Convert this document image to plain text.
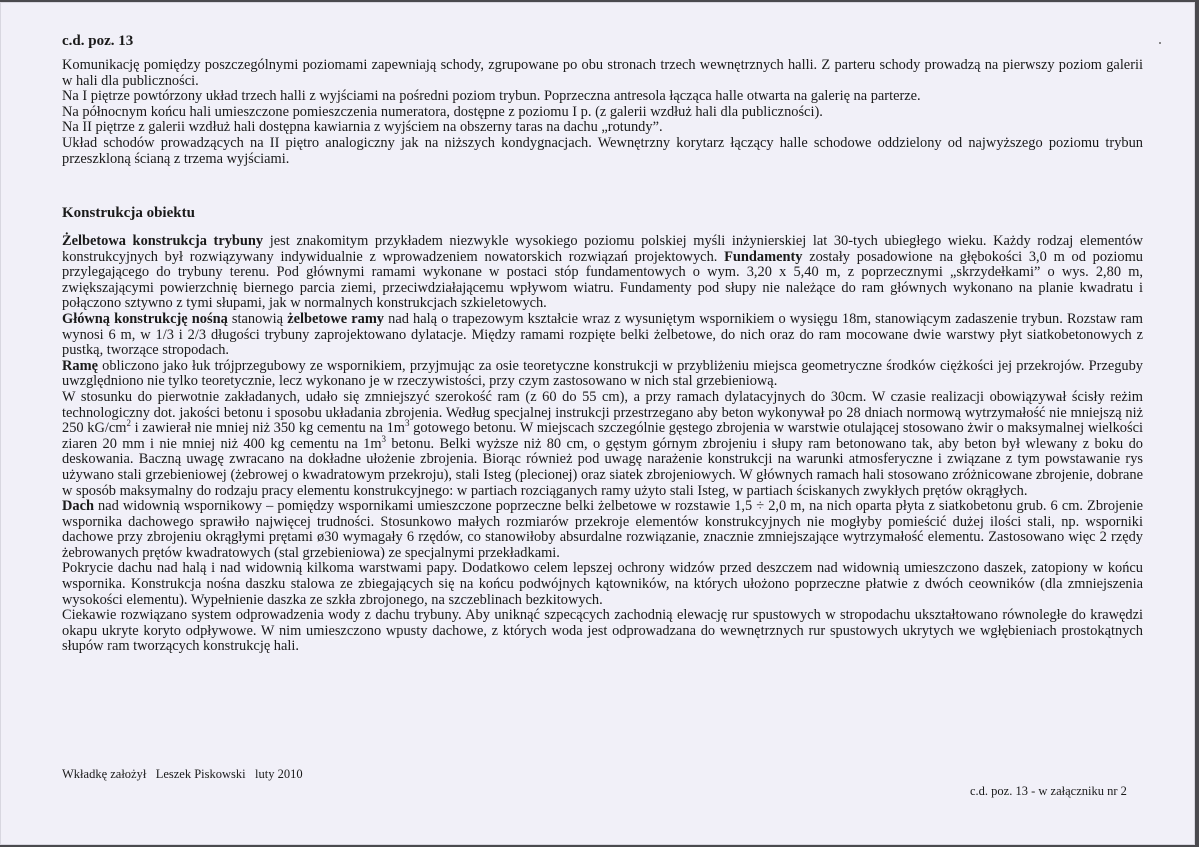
c.d. poz. 13

Komunikację pomiędzy poszczególnymi poziomami zapewniają schody, zgrupowane po obu stronach trzech wewnętrznych halli. Z parteru schody prowadzą na pierwszy poziom galerii w hali dla publiczności.

Na I piętrze powtórzony układ trzech halli z wyjściami na pośredni poziom trybun. Poprzeczna antresola łącząca halle otwarta na galerię na parterze.

Na północnym końcu hali umieszczone pomieszczenia numeratora, dostępne z poziomu I p. (z galerii wzdłuż hali dla publiczności).

Na II piętrze z galerii wzdłuż hali dostępna kawiarnia z wyjściem na obszerny taras na dachu „rotundy”.

Układ schodów prowadzących na II piętro analogiczny jak na niższych kondygnacjach. Wewnętrzny korytarz łączący halle schodowe oddzielony od najwyższego poziomu trybun przeszkloną ścianą z trzema wyjściami.

Konstrukcja obiektu

Żelbetowa konstrukcja trybuny jest znakomitym przykładem niezwykle wysokiego poziomu polskiej myśli inżynierskiej lat 30-tych ubiegłego wieku. Każdy rodzaj elementów konstrukcyjnych był rozwiązywany indywidualnie z wprowadzeniem nowatorskich rozwiązań projektowych. Fundamenty zostały posadowione na głębokości 3,0 m od poziomu przylegającego do trybuny terenu. Pod głównymi ramami wykonane w postaci stóp fundamentowych o wym. 3,20 x 5,40 m, z poprzecznymi „skrzydełkami” o wys. 2,80 m, zwiększającymi powierzchnię biernego parcia ziemi, przeciwdziałającemu wpływom wiatru. Fundamenty pod słupy nie należące do ram głównych wykonano na planie kwadratu i połączono sztywno z tymi słupami, jak w normalnych konstrukcjach szkieletowych.

Główną konstrukcję nośną stanowią żelbetowe ramy nad halą o trapezowym kształcie wraz z wysuniętym wspornikiem o wysięgu 18m, stanowiącym zadaszenie trybun. Rozstaw ram wynosi 6 m, w 1/3 i 2/3 długości trybuny zaprojektowano dylatacje. Między ramami rozpięte belki żelbetowe, do nich oraz do ram mocowane dwie warstwy płyt siatkobetonowych z pustką, tworzące stropodach.

Ramę obliczono jako łuk trójprzegubowy ze wspornikiem, przyjmując za osie teoretyczne konstrukcji w przybliżeniu miejsca geometryczne środków ciężkości jej przekrojów. Przeguby uwzględniono nie tylko teoretycznie, lecz wykonano je w rzeczywistości, przy czym zastosowano w nich stal grzebieniową.

W stosunku do pierwotnie zakładanych, udało się zmniejszyć szerokość ram (z 60 do 55 cm), a przy ramach dylatacyjnych do 30cm. W czasie realizacji obowiązywał ścisły reżim technologiczny dot. jakości betonu i sposobu układania zbrojenia. Według specjalnej instrukcji przestrzegano aby beton wykonywał po 28 dniach normową wytrzymałość nie mniejszą niż 250 $kG/cm^2$ i zawierał nie mniej niż 350 kg cementu na $1m^3$ gotowego betonu. W miejscach szczególnie gęstego zbrojenia w warstwie otulającej stosowano żwir o maksymalnej wielkości ziaren 20 mm i nie mniej niż 400 kg cementu na $1m^3$ betonu. Belki wyższe niż 80 cm, o gęstym górnym zbrojeniu i słupy ram betonowano tak, aby beton był wlewany z boku do deskowania. Baczną uwagę zwracano na dokładne ułożenie zbrojenia. Biorąc również pod uwagę narażenie konstrukcji na warunki atmosferyczne i związane z tym powstawanie rys używano stali grzebieniowej (żebrowej o kwadratowym przekroju), stali Isteg (plecionej) oraz siatek zbrojeniowych. W głównych ramach hali stosowano zróżnicowane zbrojenie, dobrane w sposób maksymalny do rodzaju pracy elementu konstrukcyjnego: w partiach rozciąganych ramy użyto stali Isteg, w partiach ściskanych zwykłych prętów okrągłych.

Dach nad widownią wspornikowy – pomiędzy wspornikami umieszczone poprzeczne belki żelbetowe w rozstawie 1,5 ÷ 2,0 m, na nich oparta płyta z siatkobetonu grub. 6 cm. Zbrojenie wspornika dachowego sprawiło najwięcej trudności. Stosunkowo małych rozmiarów przekroje elementów konstrukcyjnych nie mogłyby pomieścić dużej ilości stali, np. wsporniki dachowe przy zbrojeniu okrągłymi prętami ø30 wymagały 6 rzędów, co stanowiłoby absurdalne rozwiązanie, znacznie zmniejszające wytrzymałość elementu. Zastosowano więc 2 rzędy żebrowanych prętów kwadratowych (stal grzebieniowa) ze specjalnymi przekładkami.

Pokrycie dachu nad halą i nad widownią kilkoma warstwami papy. Dodatkowo celem lepszej ochrony widzów przed deszczem nad widownią umieszczono daszek, zatopiony w końcu wspornika. Konstrukcja nośna daszku stalowa ze zbiegających się na końcu podwójnych kątowników, na których ułożono poprzeczne płatwie z dwóch ceowników (dla zmniejszenia wysokości elementu). Wypełnienie daszka ze szkła zbrojonego, na szczeblinach bezkitowych.

Ciekawie rozwiązano system odprowadzenia wody z dachu trybuny. Aby uniknąć szpecących zachodnią elewację rur spustowych w stropodachu ukształtowano równoległe do krawędzi okapu ukryte koryto odpływowe. W nim umieszczono wpusty dachowe, z których woda jest odprowadzana do wewnętrznych rur spustowych ukrytych we wgłębieniach prostokątnych słupów ram tworzących konstrukcję hali.

Wkładkę założył   Leszek Piskowski   luty 2010
c.d. poz. 13 - w załączniku nr 2
